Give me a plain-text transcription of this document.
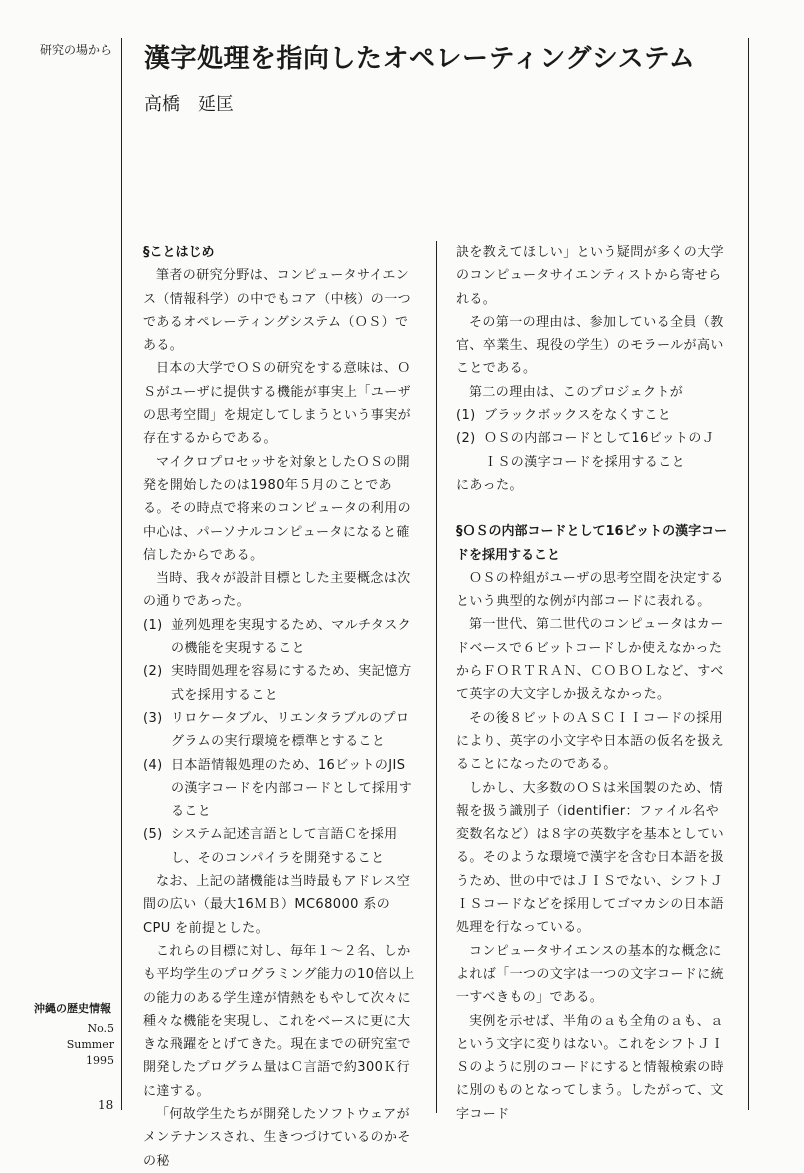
研究の場から 漢字処理を指向したオペレーティングシステム
高橋　延匡
沖縄の歴史情報
No.5
Summer
1995
18
§ことはじめ

筆者の研究分野は、コンピュータサイエンス（情報科学）の中でもコア（中核）の一つであるオペレーティングシステム（ＯＳ）である。

日本の大学でＯＳの研究をする意味は、ＯＳがユーザに提供する機能が事実上「ユーザの思考空間」を規定してしまうという事実が存在するからである。

マイクロプロセッサを対象としたＯＳの開発を開始したのは1980年５月のことである。その時点で将来のコンピュータの利用の中心は、パーソナルコンピュータになると確信したからである。

当時、我々が設計目標とした主要概念は次の通りであった。

(1) 並列処理を実現するため、マルチタスクの機能を実現すること
(2) 実時間処理を容易にするため、実記憶方式を採用すること
(3) リロケータブル、リエンタラブルのプログラムの実行環境を標準とすること
(4) 日本語情報処理のため、16ビットのJIS の漢字コードを内部コードとして採用すること
(5) システム記述言語として言語Ｃを採用し、そのコンパイラを開発すること

なお、上記の諸機能は当時最もアドレス空間の広い（最大16ＭＢ）MC68000 系のCPU を前提とした。

これらの目標に対し、毎年１～２名、しかも平均学生のプログラミング能力の10倍以上の能力のある学生達が情熱をもやして次々に種々な機能を実現し、これをベースに更に大きな飛躍をとげてきた。現在までの研究室で開発したプログラム量はＣ言語で約300Ｋ行に達する。

「何故学生たちが開発したソフトウェアがメンテナンスされ、生きつづけているのかその秘

訣を教えてほしい」という疑問が多くの大学のコンピュータサイエンティストから寄せられる。

その第一の理由は、参加している全員（教官、卒業生、現役の学生）のモラールが高いことである。

第二の理由は、このプロジェクトが

(1) ブラックボックスをなくすこと
(2) ＯＳの内部コードとして16ビットのＪＩＳの漢字コードを採用すること

にあった。

§ＯＳの内部コードとして16ビットの漢字コードを採用すること

ＯＳの枠組がユーザの思考空間を決定するという典型的な例が内部コードに表れる。

第一世代、第二世代のコンピュータはカードベースで６ビットコードしか使えなかったからＦＯＲＴＲＡＮ、ＣＯＢＯＬなど、すべて英字の大文字しか扱えなかった。

その後８ビットのＡＳＣＩＩコードの採用により、英字の小文字や日本語の仮名を扱えることになったのである。

しかし、大多数のＯＳは米国製のため、情報を扱う識別子（identifier：ファイル名や変数名など）は８字の英数字を基本としている。そのような環境で漢字を含む日本語を扱うため、世の中ではＪＩＳでない、シフトＪＩＳコードなどを採用してゴマカシの日本語処理を行なっている。

コンピュータサイエンスの基本的な概念によれば「一つの文字は一つの文字コードに統一すべきもの」である。

実例を示せば、半角のａも全角のａも、ａという文字に変りはない。これをシフトＪＩＳのように別のコードにすると情報検索の時に別のものとなってしまう。したがって、文字コード
